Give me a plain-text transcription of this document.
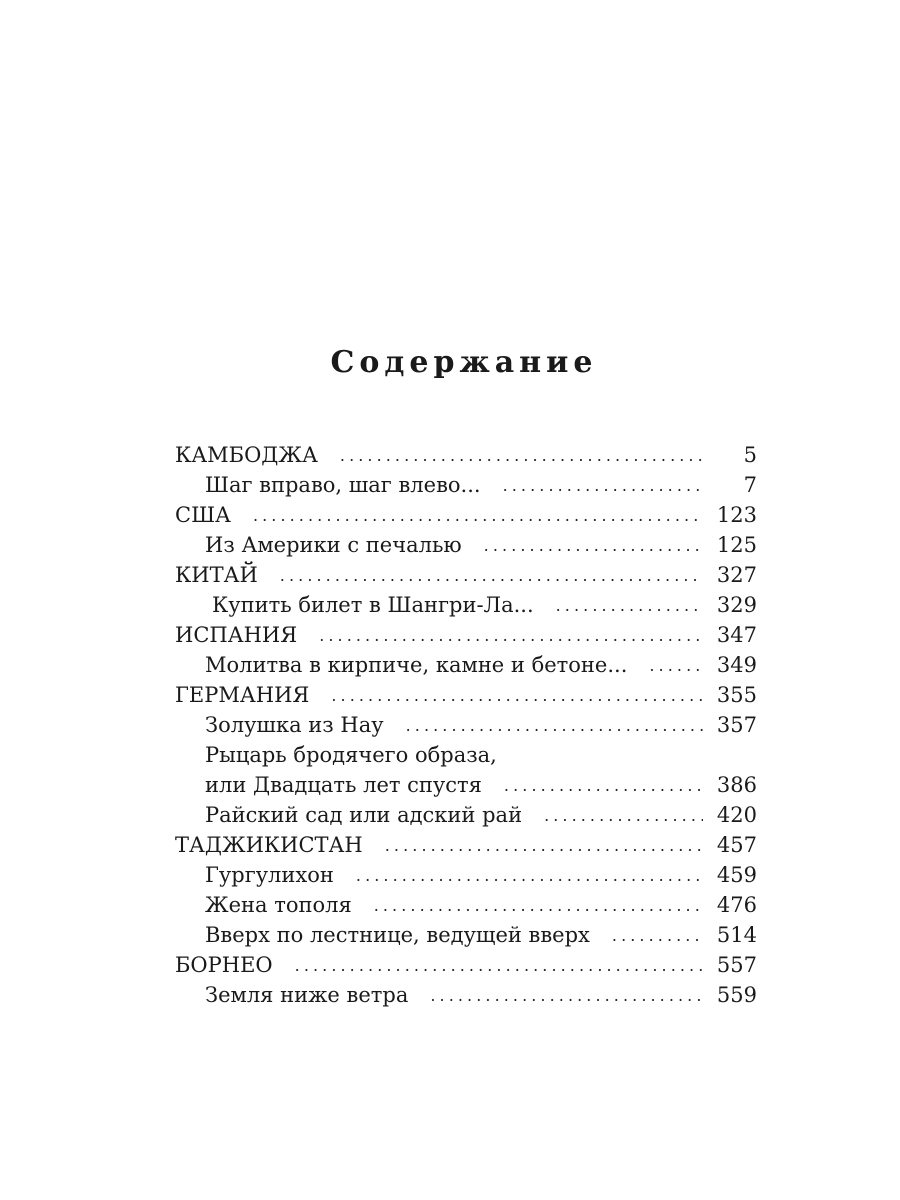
Содержание
КАМБОДЖА . . .	5
Шаг вправо, шаг влево... . . .	7
США . . .	123
Из Америки с печалью . . .	125
КИТАЙ . . .	327
Купить билет в Шангри-Ла... . . .	329
ИСПАНИЯ . . .	347
Молитва в кирпиче, камне и бетоне... . . .	349
ГЕРМАНИЯ . . .	355
Золушка из Нау . . .	357
Рыцарь бродячего образа,
или Двадцать лет спустя . . .	386
Райский сад или адский рай . . .	420
ТАДЖИКИСТАН . . .	457
Гургулихон . . .	459
Жена тополя . . .	476
Вверх по лестнице, ведущей вверх . . .	514
БОРНЕО . . .	557
Земля ниже ветра . . .	559
